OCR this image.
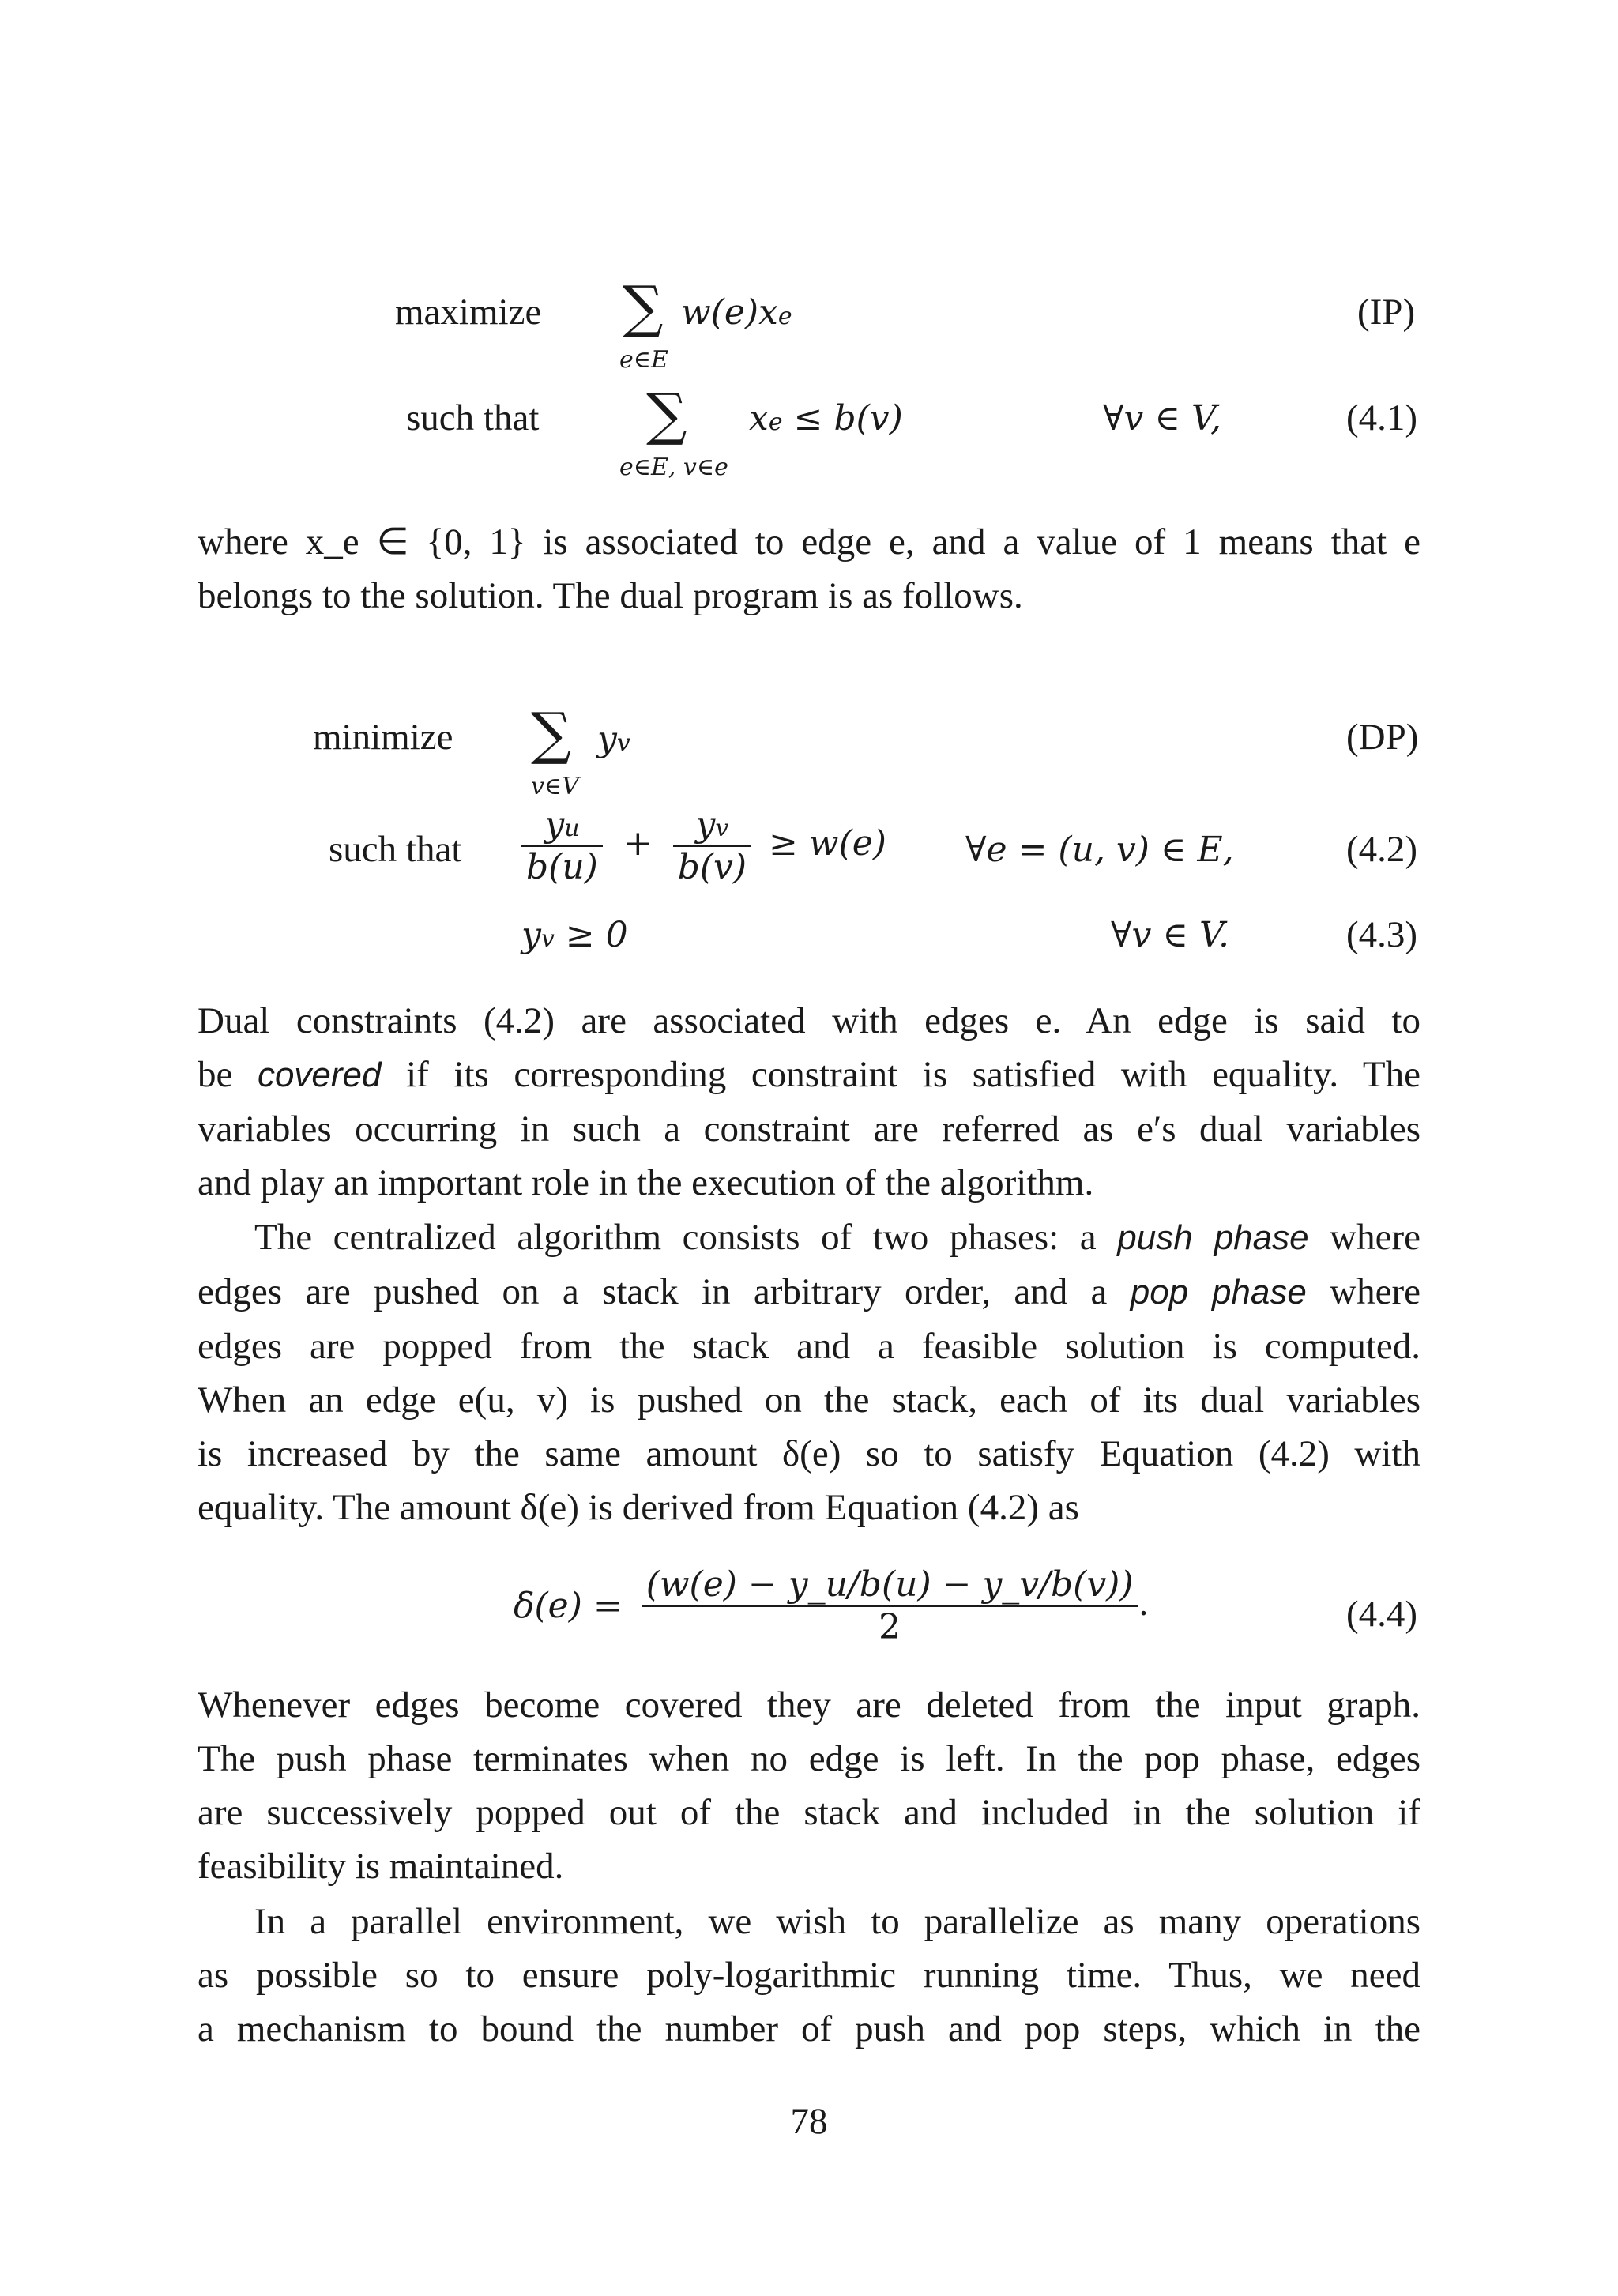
maximize ∑ w(e)xe
e∈E
(IP)
such that ∑
e∈E, v∈e
xe ≤ b(v)	∀v ∈ V,	(4.1)
where x_e ∈ {0, 1} is associated to edge e, and a value of 1 means that e
belongs to the solution. The dual program is as follows.
minimize ∑ yv
v∈V
(DP)
such that $\frac{yu}{b(u)} + \frac{yv}{b(v)} \ge w(e)$ ∀e = (u, v) ∈ E,	(4.2)
yv ≥ 0	∀v ∈ V.	(4.3)
Dual constraints (4.2) are associated with edges e. An edge is said to
be covered if its corresponding constraint is satisfied with equality. The
variables occurring in such a constraint are referred as e′s dual variables
and play an important role in the execution of the algorithm.
The centralized algorithm consists of two phases: a push phase where
edges are pushed on a stack in arbitrary order, and a pop phase where
edges are popped from the stack and a feasible solution is computed.
When an edge e(u, v) is pushed on the stack, each of its dual variables
is increased by the same amount δ(e) so to satisfy Equation (4.2) with
equality. The amount δ(e) is derived from Equation (4.2) as
$\delta(e) = \frac{(w(e) - y\_u/b(u) - y\_v/b(v))}{2}$ .	(4.4)
Whenever edges become covered they are deleted from the input graph.
The push phase terminates when no edge is left. In the pop phase, edges
are successively popped out of the stack and included in the solution if
feasibility is maintained.
In a parallel environment, we wish to parallelize as many operations
as possible so to ensure poly-logarithmic running time. Thus, we need
a mechanism to bound the number of push and pop steps, which in the
78
